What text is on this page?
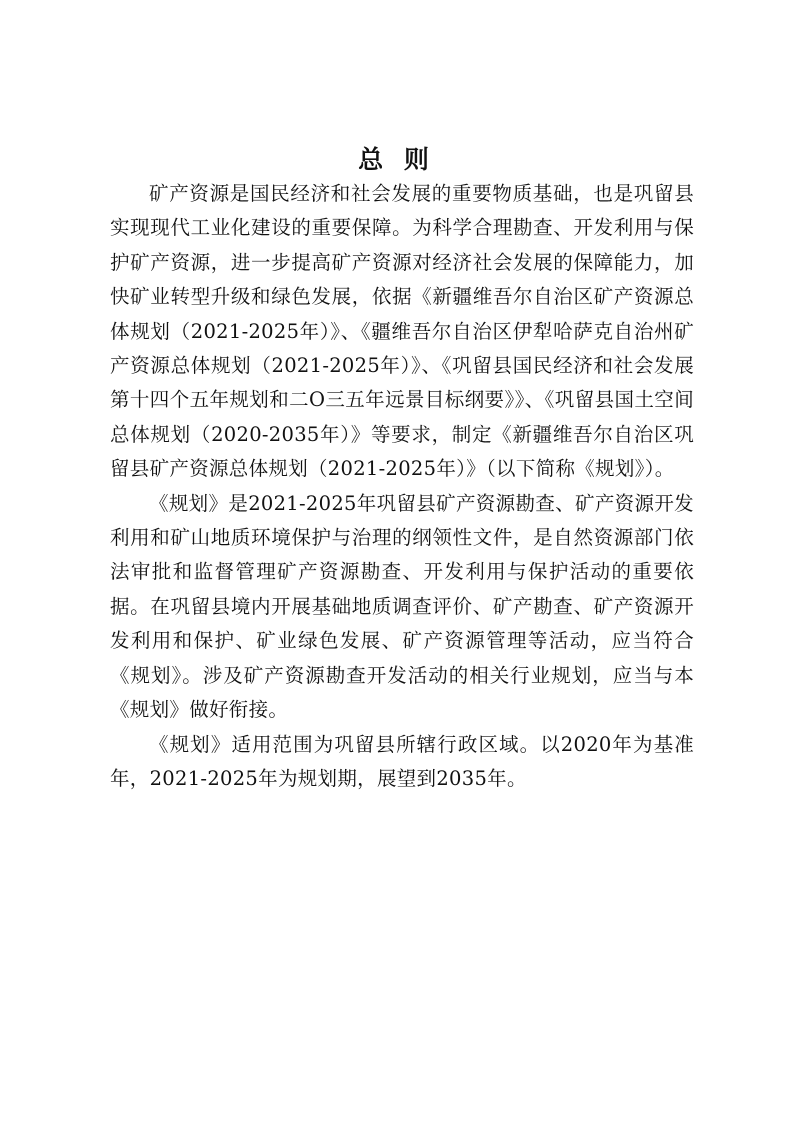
总 则

矿产资源是国民经济和社会发展的重要物质基础，也是巩留县实现现代工业化建设的重要保障。为科学合理勘查、开发利用与保护矿产资源，进一步提高矿产资源对经济社会发展的保障能力，加快矿业转型升级和绿色发展，依据《新疆维吾尔自治区矿产资源总体规划（2021-2025年）》、《疆维吾尔自治区伊犁哈萨克自治州矿产资源总体规划（2021-2025年）》、《巩留县国民经济和社会发展第十四个五年规划和二O三五年远景目标纲要》》、《巩留县国土空间总体规划（2020-2035年）》等要求，制定《新疆维吾尔自治区巩留县矿产资源总体规划（2021-2025年）》（以下简称《规划》）。

《规划》是2021-2025年巩留县矿产资源勘查、矿产资源开发利用和矿山地质环境保护与治理的纲领性文件，是自然资源部门依法审批和监督管理矿产资源勘查、开发利用与保护活动的重要依据。在巩留县境内开展基础地质调查评价、矿产勘查、矿产资源开发利用和保护、矿业绿色发展、矿产资源管理等活动，应当符合《规划》。涉及矿产资源勘查开发活动的相关行业规划，应当与本《规划》做好衔接。

《规划》适用范围为巩留县所辖行政区域。以2020年为基准年，2021-2025年为规划期，展望到2035年。
